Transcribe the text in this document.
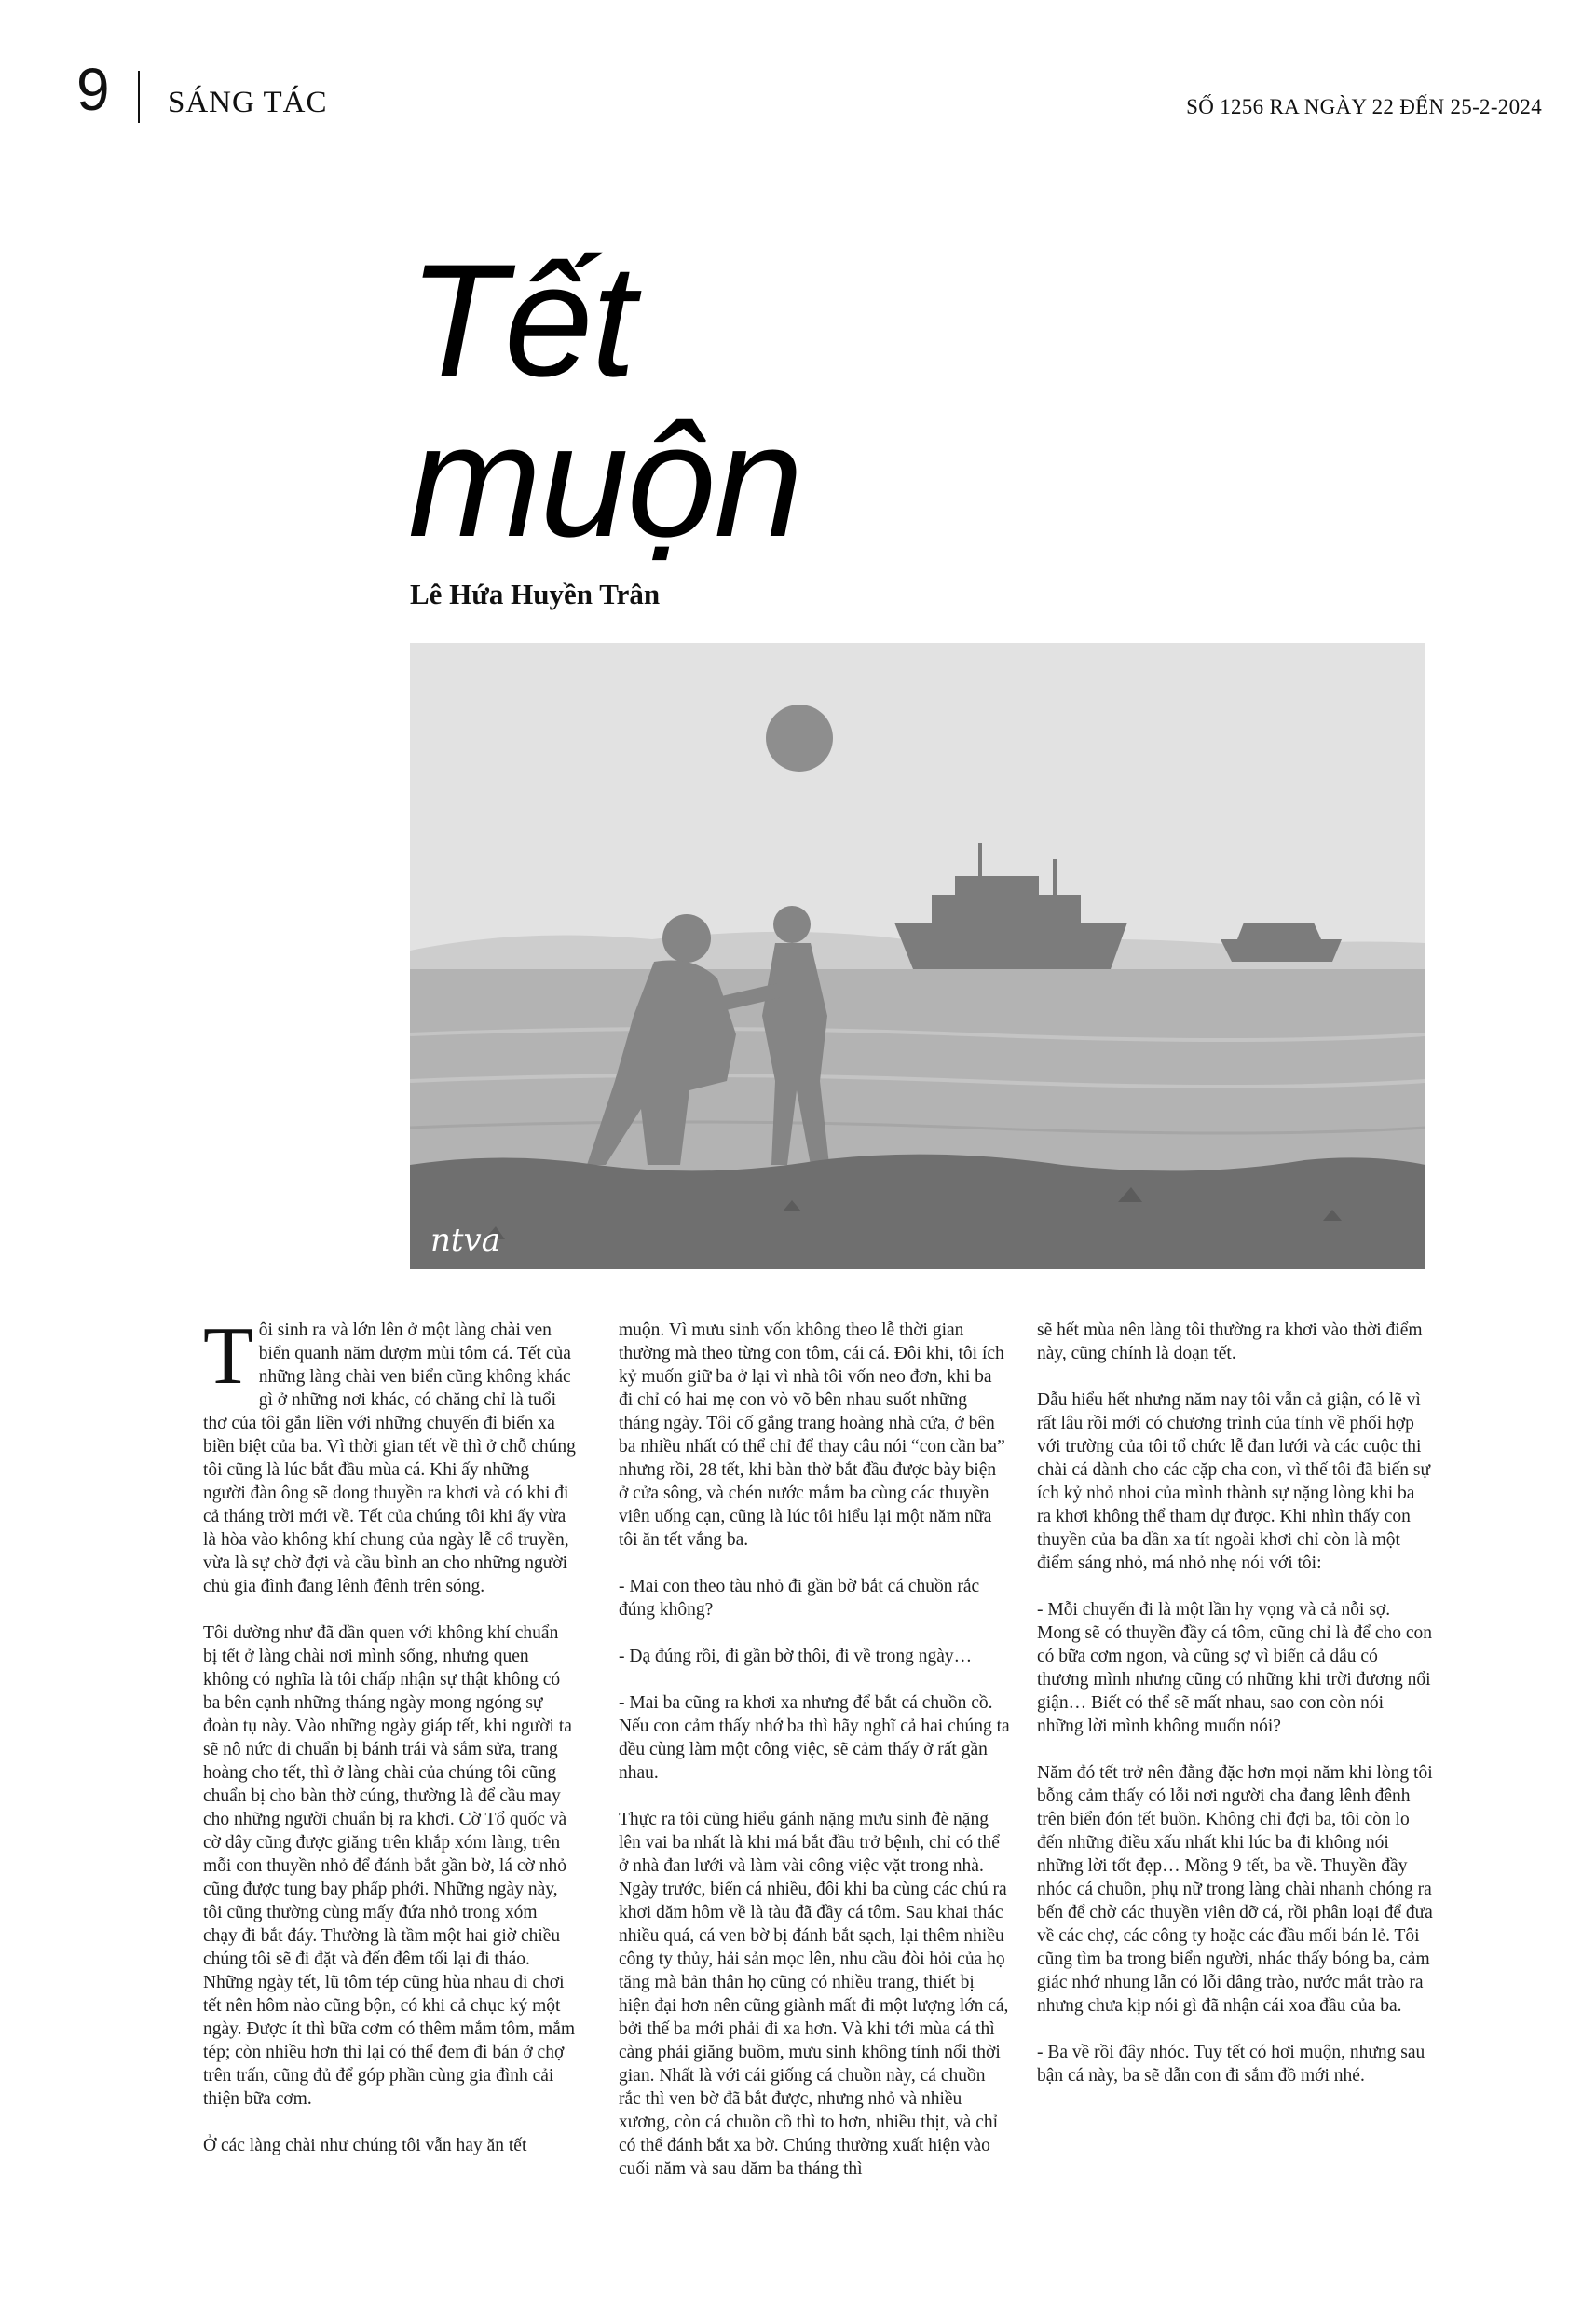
9 SÁNG TÁC	SỐ 1256 RA NGÀY 22 ĐẾN 25-2-2024
Tết
muộn
Lê Hứa Huyền Trân
ntva

Tôi sinh ra và lớn lên ở một làng chài ven biển quanh năm đượm mùi tôm cá. Tết của những làng chài ven biển cũng không khác gì ở những nơi khác, có chăng chỉ là tuổi thơ của tôi gắn liền với những chuyến đi biển xa biền biệt của ba. Vì thời gian tết về thì ở chỗ chúng tôi cũng là lúc bắt đầu mùa cá. Khi ấy những người đàn ông sẽ dong thuyền ra khơi và có khi đi cả tháng trời mới về. Tết của chúng tôi khi ấy vừa là hòa vào không khí chung của ngày lễ cổ truyền, vừa là sự chờ đợi và cầu bình an cho những người chủ gia đình đang lênh đênh trên sóng.

Tôi dường như đã dần quen với không khí chuẩn bị tết ở làng chài nơi mình sống, nhưng quen không có nghĩa là tôi chấp nhận sự thật không có ba bên cạnh những tháng ngày mong ngóng sự đoàn tụ này. Vào những ngày giáp tết, khi người ta sẽ nô nức đi chuẩn bị bánh trái và sắm sửa, trang hoàng cho tết, thì ở làng chài của chúng tôi cũng chuẩn bị cho bàn thờ cúng, thường là để cầu may cho những người chuẩn bị ra khơi. Cờ Tổ quốc và cờ dây cũng được giăng trên khắp xóm làng, trên mỗi con thuyền nhỏ để đánh bắt gần bờ, lá cờ nhỏ cũng được tung bay phấp phới. Những ngày này, tôi cũng thường cùng mấy đứa nhỏ trong xóm chạy đi bắt đáy. Thường là tầm một hai giờ chiều chúng tôi sẽ đi đặt và đến đêm tối lại đi tháo. Những ngày tết, lũ tôm tép cũng hùa nhau đi chơi tết nên hôm nào cũng bộn, có khi cả chục ký một ngày. Được ít thì bữa cơm có thêm mắm tôm, mắm tép; còn nhiều hơn thì lại có thể đem đi bán ở chợ trên trấn, cũng đủ để góp phần cùng gia đình cải thiện bữa cơm.

Ở các làng chài như chúng tôi vẫn hay ăn tết

muộn. Vì mưu sinh vốn không theo lễ thời gian thường mà theo từng con tôm, cái cá. Đôi khi, tôi ích kỷ muốn giữ ba ở lại vì nhà tôi vốn neo đơn, khi ba đi chỉ có hai mẹ con vò võ bên nhau suốt những tháng ngày. Tôi cố gắng trang hoàng nhà cửa, ở bên ba nhiều nhất có thể chỉ để thay câu nói “con cần ba” nhưng rồi, 28 tết, khi bàn thờ bắt đầu được bày biện ở cửa sông, và chén nước mắm ba cùng các thuyền viên uống cạn, cũng là lúc tôi hiểu lại một năm nữa tôi ăn tết vắng ba.

- Mai con theo tàu nhỏ đi gần bờ bắt cá chuồn rắc đúng không?

- Dạ đúng rồi, đi gần bờ thôi, đi về trong ngày…

- Mai ba cũng ra khơi xa nhưng để bắt cá chuồn cồ. Nếu con cảm thấy nhớ ba thì hãy nghĩ cả hai chúng ta đều cùng làm một công việc, sẽ cảm thấy ở rất gần nhau.

Thực ra tôi cũng hiểu gánh nặng mưu sinh đè nặng lên vai ba nhất là khi má bắt đầu trở bệnh, chỉ có thể ở nhà đan lưới và làm vài công việc vặt trong nhà. Ngày trước, biển cá nhiều, đôi khi ba cùng các chú ra khơi dăm hôm về là tàu đã đầy cá tôm. Sau khai thác nhiều quá, cá ven bờ bị đánh bắt sạch, lại thêm nhiều công ty thủy, hải sản mọc lên, nhu cầu đòi hỏi của họ tăng mà bản thân họ cũng có nhiều trang, thiết bị hiện đại hơn nên cũng giành mất đi một lượng lớn cá, bởi thế ba mới phải đi xa hơn. Và khi tới mùa cá thì càng phải giăng buồm, mưu sinh không tính nổi thời gian. Nhất là với cái giống cá chuồn này, cá chuồn rắc thì ven bờ đã bắt được, nhưng nhỏ và nhiều xương, còn cá chuồn cồ thì to hơn, nhiều thịt, và chỉ có thể đánh bắt xa bờ. Chúng thường xuất hiện vào cuối năm và sau dăm ba tháng thì

sẽ hết mùa nên làng tôi thường ra khơi vào thời điểm này, cũng chính là đoạn tết.

Dẫu hiểu hết nhưng năm nay tôi vẫn cả giận, có lẽ vì rất lâu rồi mới có chương trình của tỉnh về phối hợp với trường của tôi tổ chức lễ đan lưới và các cuộc thi chài cá dành cho các cặp cha con, vì thế tôi đã biến sự ích kỷ nhỏ nhoi của mình thành sự nặng lòng khi ba ra khơi không thể tham dự được. Khi nhìn thấy con thuyền của ba dần xa tít ngoài khơi chỉ còn là một điểm sáng nhỏ, má nhỏ nhẹ nói với tôi:

- Mỗi chuyến đi là một lần hy vọng và cả nỗi sợ. Mong sẽ có thuyền đầy cá tôm, cũng chỉ là để cho con có bữa cơm ngon, và cũng sợ vì biển cả dẫu có thương mình nhưng cũng có những khi trời đương nổi giận… Biết có thể sẽ mất nhau, sao con còn nói những lời mình không muốn nói?

Năm đó tết trở nên đằng đặc hơn mọi năm khi lòng tôi bỗng cảm thấy có lỗi nơi người cha đang lênh đênh trên biển đón tết buồn. Không chỉ đợi ba, tôi còn lo đến những điều xấu nhất khi lúc ba đi không nói những lời tốt đẹp… Mồng 9 tết, ba về. Thuyền đầy nhóc cá chuồn, phụ nữ trong làng chài nhanh chóng ra bến để chờ các thuyền viên dỡ cá, rồi phân loại để đưa về các chợ, các công ty hoặc các đầu mối bán lẻ. Tôi cũng tìm ba trong biển người, nhác thấy bóng ba, cảm giác nhớ nhung lẫn có lỗi dâng trào, nước mắt trào ra nhưng chưa kịp nói gì đã nhận cái xoa đầu của ba.

- Ba về rồi đây nhóc. Tuy tết có hơi muộn, nhưng sau bận cá này, ba sẽ dẫn con đi sắm đồ mới nhé.
